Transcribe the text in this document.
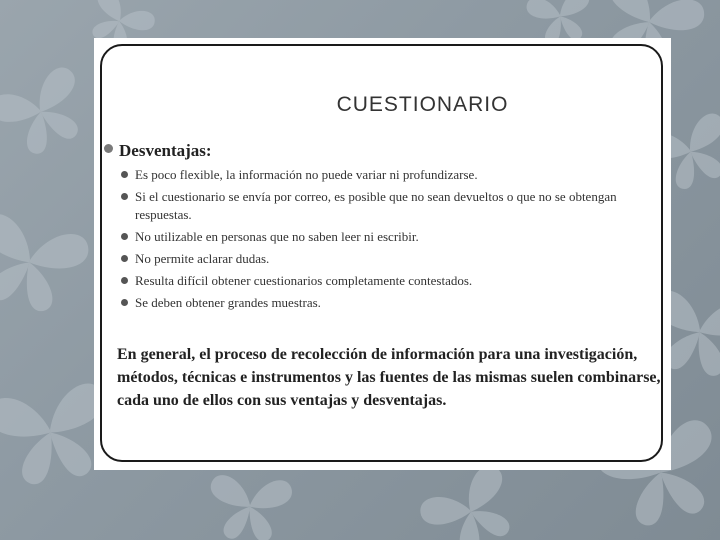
CUESTIONARIO
Desventajas:
Es poco flexible, la información no puede variar ni profundizarse.
Si el cuestionario se envía por correo, es posible que no sean devueltos o que no se obtengan respuestas.
No utilizable en personas que no saben leer ni escribir.
No permite aclarar dudas.
Resulta difícil obtener cuestionarios completamente contestados.
Se deben obtener grandes muestras.

En general, el proceso de recolección de información para una investigación, métodos, técnicas e instrumentos y las fuentes de las mismas suelen combinarse, cada uno de ellos con sus ventajas y desventajas.
